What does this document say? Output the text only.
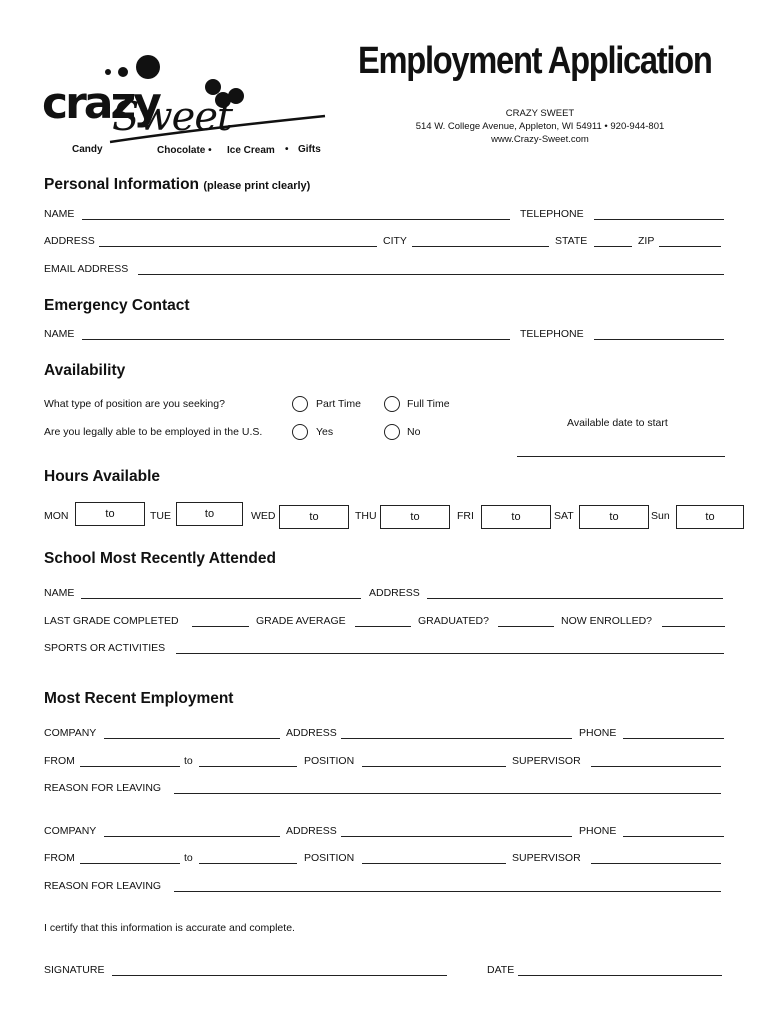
crazy
Sweet
Candy	Chocolate • Ice Cream • Gifts
Employment Application
CRAZY SWEET
514 W. College Avenue, Appleton, WI 54911 • 920-944-801
www.Crazy-Sweet.com
Personal Information (please print clearly)
NAME	TELEPHONE
ADDRESS	CITY	STATE	ZIP
EMAIL ADDRESS
Emergency Contact
NAME	TELEPHONE
Availability
What type of position are you seeking?	Part Time	Full Time
Are you legally able to be employed in the U.S.	Yes	No
Available date to start
Hours Available
MON	to	TUE	to	WED	to	THU	to	FRI	to	SAT	to	Sun	to
School Most Recently Attended
NAME	ADDRESS
LAST GRADE COMPLETED	GRADE AVERAGE	GRADUATED?	NOW ENROLLED?
SPORTS OR ACTIVITIES
Most Recent Employment
COMPANY	ADDRESS	PHONE
FROM	to	POSITION	SUPERVISOR
REASON FOR LEAVING
COMPANY	ADDRESS	PHONE
FROM	to	POSITION	SUPERVISOR
REASON FOR LEAVING
I certify that this information is accurate and complete.
SIGNATURE	DATE
